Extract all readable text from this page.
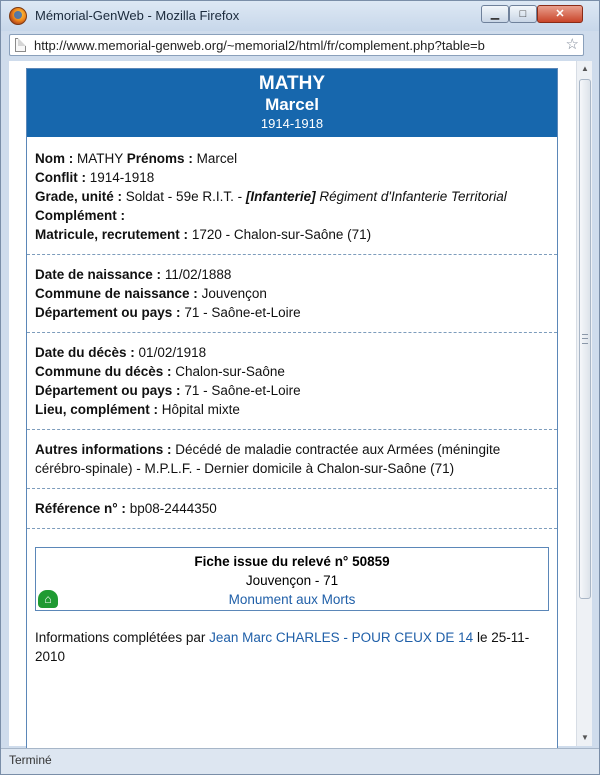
Mémorial-GenWeb - Mozilla Firefox	▁	□	✕
http://www.memorial-genweb.org/~memorial2/html/fr/complement.php?table=b	☆
MATHY
Marcel
1914-1918
Nom : MATHY Prénoms : Marcel
Conflit : 1914-1918
Grade, unité : Soldat - 59e R.I.T. - [Infanterie] Régiment d'Infanterie Territorial
Complément :
Matricule, recrutement : 1720 - Chalon-sur-Saône (71)
Date de naissance : 11/02/1888
Commune de naissance : Jouvençon
Département ou pays : 71 - Saône-et-Loire
Date du décès : 01/02/1918
Commune du décès : Chalon-sur-Saône
Département ou pays : 71 - Saône-et-Loire
Lieu, complément : Hôpital mixte
Autres informations : Décédé de maladie contractée aux Armées (méningite cérébro-spinale) - M.P.L.F. - Dernier domicile à Chalon-sur-Saône (71)
Référence n° : bp08-2444350
Fiche issue du relevé n° 50859
Jouvençon - 71
Monument aux Morts
⌂
Informations complétées par Jean Marc CHARLES - POUR CEUX DE 14 le 25-11-2010
▲
▼
Terminé
